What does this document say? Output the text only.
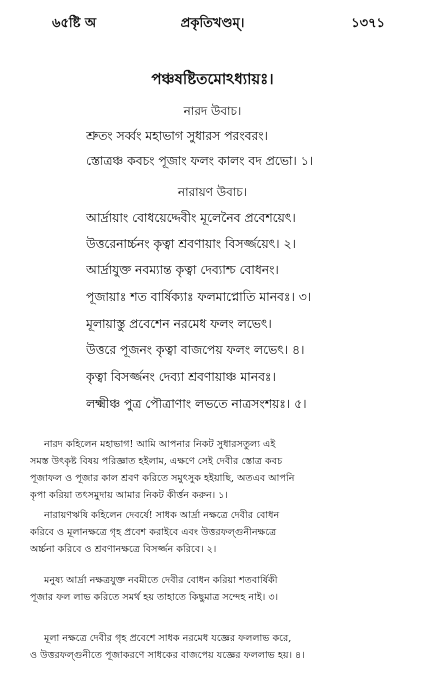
৬৫ষ্টি অ	প্রকৃতিখণ্ডম্।	১৩৭১
পঞ্চষষ্টিতমোঽধ্যায়ঃ।
নারদ উবাচ।
শ্রুতং সর্ব্বং মহাভাগ সুধারস পরংবরং।
স্তোত্রঞ্চ কবচং পূজাং ফলং কালং বদ প্রভো। ১।
নারায়ণ উবাচ।
আর্দ্রায়াং বোধয়েদ্দেবীং মূলেনৈব প্রবেশয়েৎ।
উত্তরেনার্চ্চনং কৃত্বা শ্রবণায়াং বিসর্জ্জয়েৎ। ২।
আর্দ্রাযুক্ত নবম্যান্ত কৃত্বা দেব্যাশ্চ বোধনং।
পূজায়াঃ শত বার্ষিক্যাঃ ফলমাপ্নোতি মানবঃ। ৩।
মূলায়াস্তু প্রবেশেন নরমেধ ফলং লভেৎ।
উত্তরে পূজনং কৃত্বা বাজপেয় ফলং লভেৎ। ৪।
কৃত্বা বিসর্জ্জনং দেব্যা শ্রবণায়াঞ্চ মানবঃ।
লক্ষ্মীঞ্চ পুত্র পৌত্রাণাং লভতে নাত্রসংশয়ঃ। ৫।
নারদ কহিলেন মহাভাগ! আমি আপনার নিকট সুধারসতুল্য এই
সমস্ত উৎকৃষ্ট বিষয় পরিজ্ঞাত হইলাম, এক্ষণে সেই দেবীর স্তোত্র কবচ
পূজাফল ও পূজার কাল শ্রবণ করিতে সমুৎসুক হইয়াছি, অতএব আপনি
কৃপা করিয়া তৎসমুদায় আমার নিকট কীর্ত্তন করুন। ১।
নারায়ণঋষি কহিলেন দেবর্ষে! সাধক আর্দ্রা নক্ষত্রে দেবীর বোধন
করিবে ও মূলানক্ষত্রে গৃহ প্রবেশ করাইবে এবং উত্তরফল্গুনীনক্ষত্রে
অর্চ্চনা করিবে ও শ্রবণানক্ষত্রে বিসর্জ্জন করিবে। ২।
মনুষ্য আর্দ্রা নক্ষত্রযুক্ত নবমীতে দেবীর বোধন করিয়া শতবার্ষিকী
পূজার ফল লাভ করিতে সমর্থ হয় তাহাতে কিছুমাত্র সন্দেহ নাই। ৩।
মূলা নক্ষত্রে দেবীর গৃহ প্রবেশে সাধক নরমেধ যজ্ঞের ফললাভ করে,
ও উত্তরফল্গুনীতে পূজাকরণে সাধকের বাজপেয় যজ্ঞের ফললাভ হয়। ৪।
